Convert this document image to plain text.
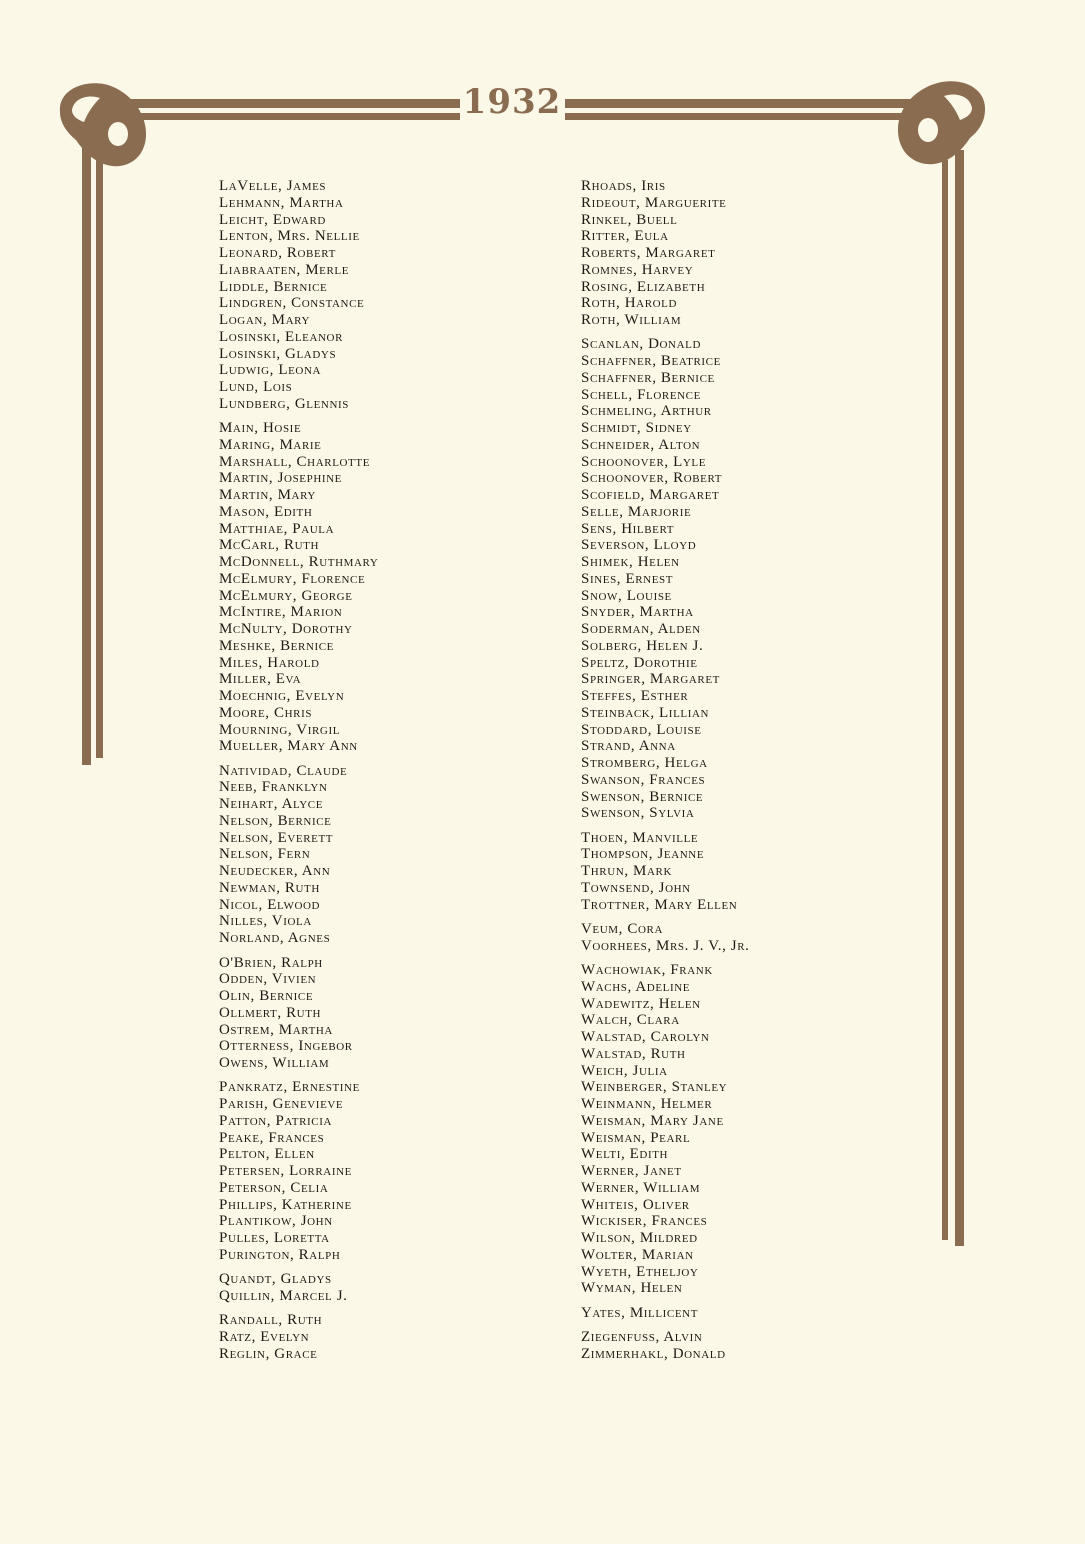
1932
LaVelle, James
Lehmann, Martha
Leicht, Edward
Lenton, Mrs. Nellie
Leonard, Robert
Liabraaten, Merle
Liddle, Bernice
Lindgren, Constance
Logan, Mary
Losinski, Eleanor
Losinski, Gladys
Ludwig, Leona
Lund, Lois
Lundberg, Glennis
Main, Hosie
Maring, Marie
Marshall, Charlotte
Martin, Josephine
Martin, Mary
Mason, Edith
Matthiae, Paula
McCarl, Ruth
McDonnell, Ruthmary
McElmury, Florence
McElmury, George
McIntire, Marion
McNulty, Dorothy
Meshke, Bernice
Miles, Harold
Miller, Eva
Moechnig, Evelyn
Moore, Chris
Mourning, Virgil
Mueller, Mary Ann
Natividad, Claude
Neeb, Franklyn
Neihart, Alyce
Nelson, Bernice
Nelson, Everett
Nelson, Fern
Neudecker, Ann
Newman, Ruth
Nicol, Elwood
Nilles, Viola
Norland, Agnes
O'Brien, Ralph
Odden, Vivien
Olin, Bernice
Ollmert, Ruth
Ostrem, Martha
Otterness, Ingebor
Owens, William
Pankratz, Ernestine
Parish, Genevieve
Patton, Patricia
Peake, Frances
Pelton, Ellen
Petersen, Lorraine
Peterson, Celia
Phillips, Katherine
Plantikow, John
Pulles, Loretta
Purington, Ralph
Quandt, Gladys
Quillin, Marcel J.
Randall, Ruth
Ratz, Evelyn
Reglin, Grace
Rhoads, Iris
Rideout, Marguerite
Rinkel, Buell
Ritter, Eula
Roberts, Margaret
Romnes, Harvey
Rosing, Elizabeth
Roth, Harold
Roth, William
Scanlan, Donald
Schaffner, Beatrice
Schaffner, Bernice
Schell, Florence
Schmeling, Arthur
Schmidt, Sidney
Schneider, Alton
Schoonover, Lyle
Schoonover, Robert
Scofield, Margaret
Selle, Marjorie
Sens, Hilbert
Severson, Lloyd
Shimek, Helen
Sines, Ernest
Snow, Louise
Snyder, Martha
Soderman, Alden
Solberg, Helen J.
Speltz, Dorothie
Springer, Margaret
Steffes, Esther
Steinback, Lillian
Stoddard, Louise
Strand, Anna
Stromberg, Helga
Swanson, Frances
Swenson, Bernice
Swenson, Sylvia
Thoen, Manville
Thompson, Jeanne
Thrun, Mark
Townsend, John
Trottner, Mary Ellen
Veum, Cora
Voorhees, Mrs. J. V., Jr.
Wachowiak, Frank
Wachs, Adeline
Wadewitz, Helen
Walch, Clara
Walstad, Carolyn
Walstad, Ruth
Weich, Julia
Weinberger, Stanley
Weinmann, Helmer
Weisman, Mary Jane
Weisman, Pearl
Welti, Edith
Werner, Janet
Werner, William
Whiteis, Oliver
Wickiser, Frances
Wilson, Mildred
Wolter, Marian
Wyeth, Etheljoy
Wyman, Helen
Yates, Millicent
Ziegenfuss, Alvin
Zimmerhakl, Donald
